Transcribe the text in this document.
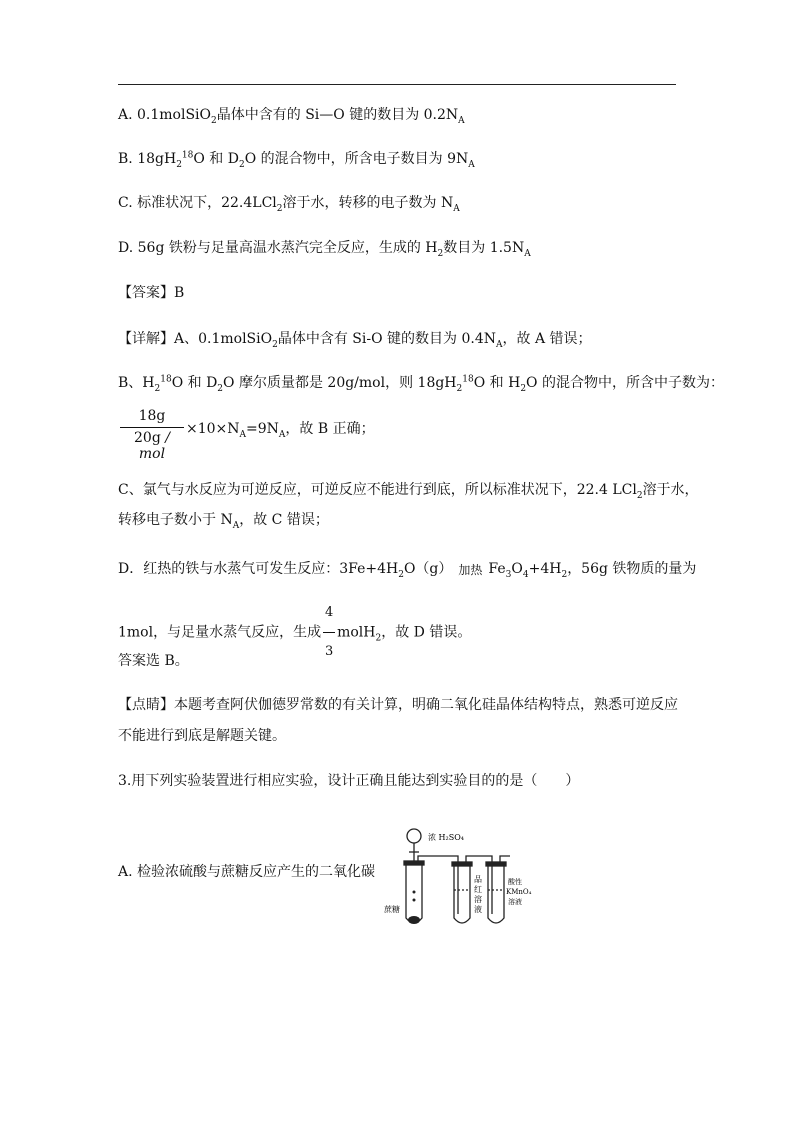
A. 0.1molSiO$_2$晶体中含有的 Si—O 键的数目为 $0.2N_A$
B. $18gH_2^{18}O$ 和 $D_2O$ 的混合物中，所含电子数目为 $9N_A$
C. 标准状况下，22.4LCl$_2$溶于水，转移的电子数为 $N_A$
D. 56g 铁粉与足量高温水蒸汽完全反应，生成的 $H_2$数目为 $1.5N_A$
【答案】B
【详解】A、0.1molSiO$_2$晶体中含有 Si-O 键的数目为 $0.4N_A$，故 A 错误；
B、$H_2^{18}O$ 和 $D_2O$ 摩尔质量都是 20g/mol，则 $18gH_2^{18}O$ 和 $H_2O$ 的混合物中，所含中子数为：
18g
20g / mol
$\times 10\times N_A=9N_A$，故 B 正确；
C、氯气与水反应为可逆反应，可逆反应不能进行到底，所以标准状况下，22.4 LCl$_2$溶于水，
转移电子数小于 $N_A$，故 C 错误；
D．红热的铁与水蒸气可发生反应：$3Fe+4H_2O(g)$ 加热 $Fe_3O_4+4H_2$，56g 铁物质的量为
1mol，与足量水蒸气反应，生成 $\frac{4}{3}$ molH$_2$，故 D 错误。
答案选 B。
【点睛】本题考查阿伏伽德罗常数的有关计算，明确二氧化硅晶体结构特点，熟悉可逆反应
不能进行到底是解题关键。
3.用下列实验装置进行相应实验，设计正确且能达到实验目的的是（　　）
A. 检验浓硫酸与蔗糖反应产生的二氧化碳
浓 H₂SO₄
蔗糖
品
红
溶
液
酸性
KMnO₄
溶液
